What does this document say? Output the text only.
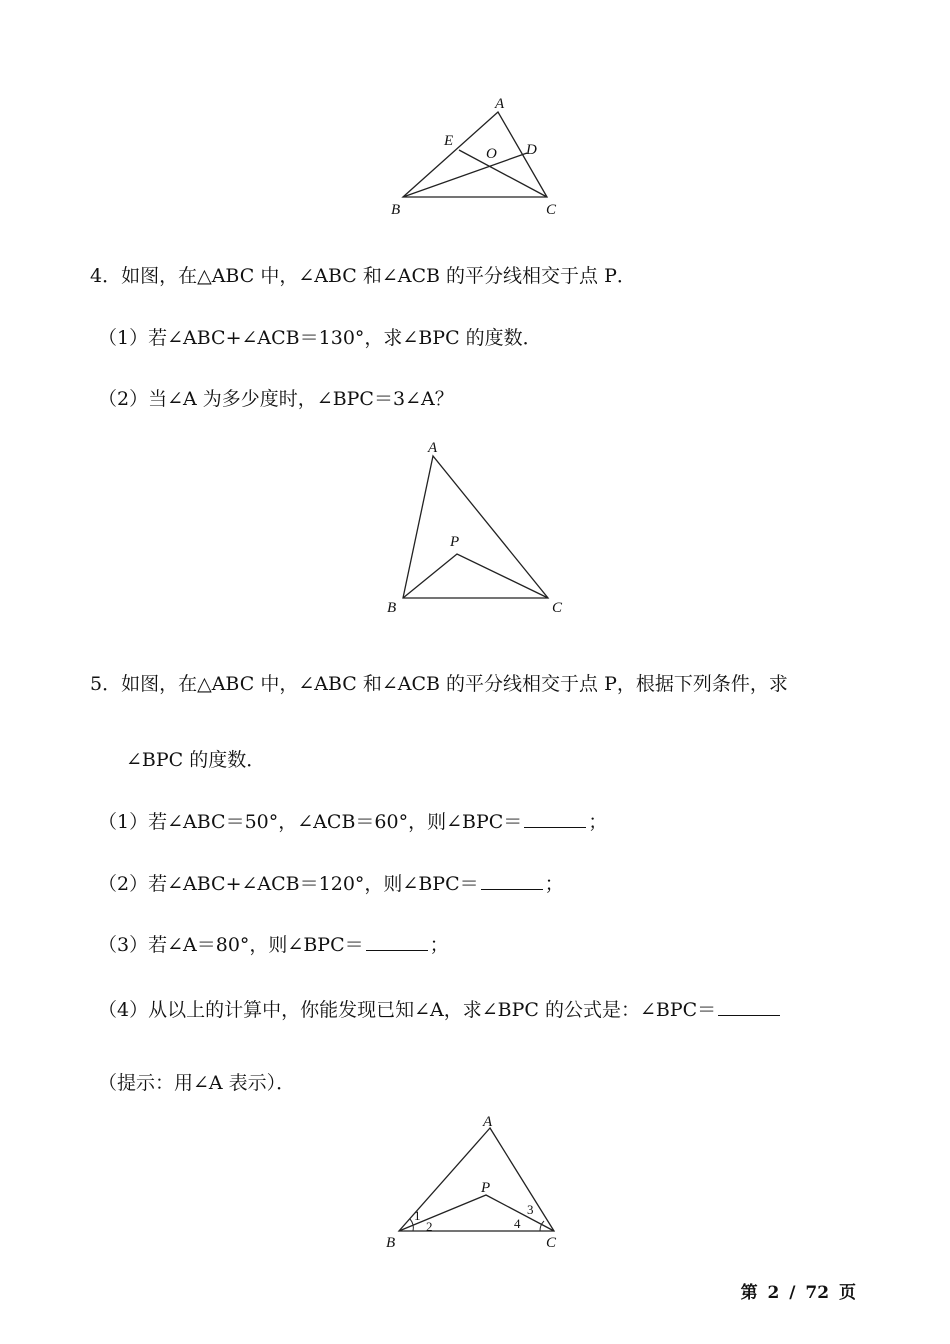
A
B	C
D
E
O
4．如图，在△ABC 中，∠ABC 和∠ACB 的平分线相交于点 P．
（1）若∠ABC+∠ACB＝130°，求∠BPC 的度数．
（2）当∠A 为多少度时，∠BPC＝3∠A？
A
B	C
P
5．如图，在△ABC 中，∠ABC 和∠ACB 的平分线相交于点 P，根据下列条件，求
∠BPC 的度数．
（1）若∠ABC＝50°，∠ACB＝60°，则∠BPC＝	；
（2）若∠ABC+∠ACB＝120°，则∠BPC＝	；
（3）若∠A＝80°，则∠BPC＝	；
（4）从以上的计算中，你能发现已知∠A，求∠BPC 的公式是：∠BPC＝
（提示：用∠A 表示）．
A
B	C
P
1
2
3
4
第 2 / 72 页
